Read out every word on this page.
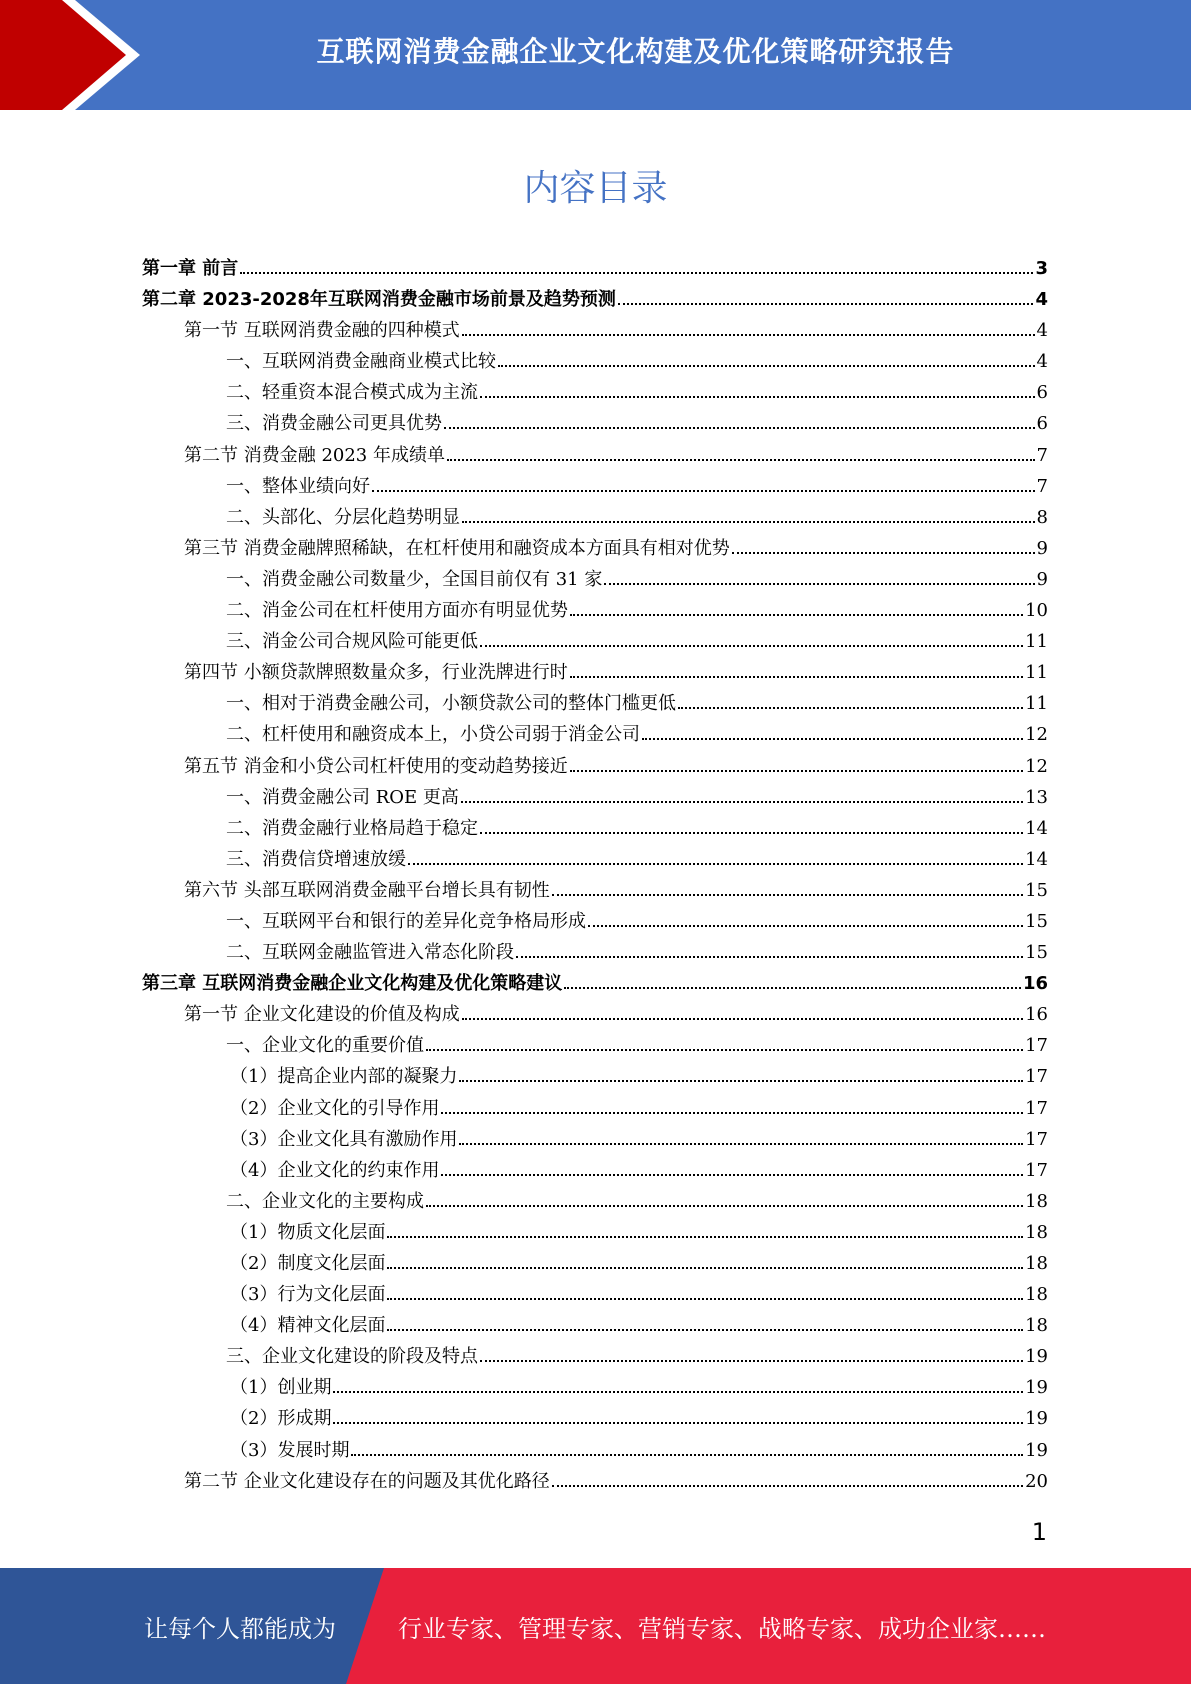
互联网消费金融企业文化构建及优化策略研究报告
内容目录
第一章 前言	3
第二章 2023-2028年互联网消费金融市场前景及趋势预测	4
第一节 互联网消费金融的四种模式	4
一、互联网消费金融商业模式比较	4
二、轻重资本混合模式成为主流	6
三、消费金融公司更具优势	6
第二节 消费金融 2023 年成绩单	7
一、整体业绩向好	7
二、头部化、分层化趋势明显	8
第三节 消费金融牌照稀缺，在杠杆使用和融资成本方面具有相对优势	9
一、消费金融公司数量少，全国目前仅有 31 家	9
二、消金公司在杠杆使用方面亦有明显优势	10
三、消金公司合规风险可能更低	11
第四节 小额贷款牌照数量众多，行业洗牌进行时	11
一、相对于消费金融公司，小额贷款公司的整体门槛更低	11
二、杠杆使用和融资成本上，小贷公司弱于消金公司	12
第五节 消金和小贷公司杠杆使用的变动趋势接近	12
一、消费金融公司 ROE 更高	13
二、消费金融行业格局趋于稳定	14
三、消费信贷增速放缓	14
第六节 头部互联网消费金融平台增长具有韧性	15
一、互联网平台和银行的差异化竞争格局形成	15
二、互联网金融监管进入常态化阶段	15
第三章 互联网消费金融企业文化构建及优化策略建议	16
第一节 企业文化建设的价值及构成	16
一、企业文化的重要价值	17
（1）提高企业内部的凝聚力	17
（2）企业文化的引导作用	17
（3）企业文化具有激励作用	17
（4）企业文化的约束作用	17
二、企业文化的主要构成	18
（1）物质文化层面	18
（2）制度文化层面	18
（3）行为文化层面	18
（4）精神文化层面	18
三、企业文化建设的阶段及特点	19
（1）创业期	19
（2）形成期	19
（3）发展时期	19
第二节 企业文化建设存在的问题及其优化路径	20
1
让每个人都能成为	行业专家、管理专家、营销专家、战略专家、成功企业家……
